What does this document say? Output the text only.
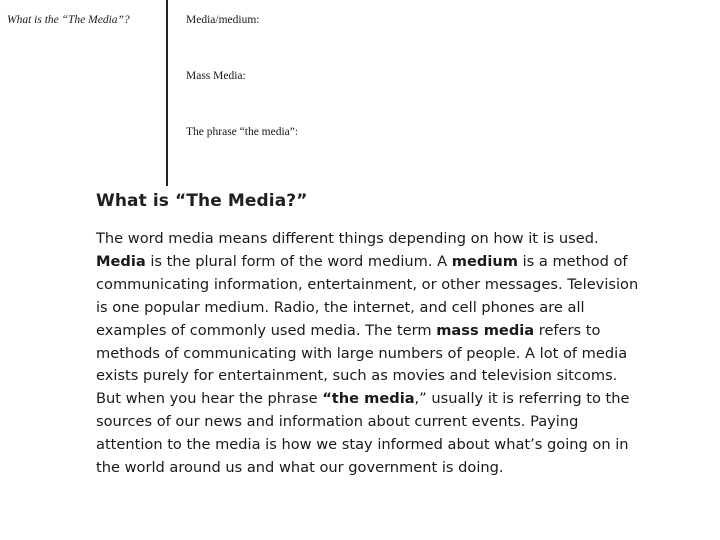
What is the “The Media”?	Media/medium:
Mass Media:
The phrase “the media”:
What is “The Media?”
The word media means different things depending on how it is used.
Media is the plural form of the word medium. A medium is a method of
communicating information, entertainment, or other messages. Television
is one popular medium. Radio, the internet, and cell phones are all
examples of commonly used media. The term mass media refers to
methods of communicating with large numbers of people. A lot of media
exists purely for entertainment, such as movies and television sitcoms.
But when you hear the phrase “the media,” usually it is referring to the
sources of our news and information about current events. Paying
attention to the media is how we stay informed about what’s going on in
the world around us and what our government is doing.
